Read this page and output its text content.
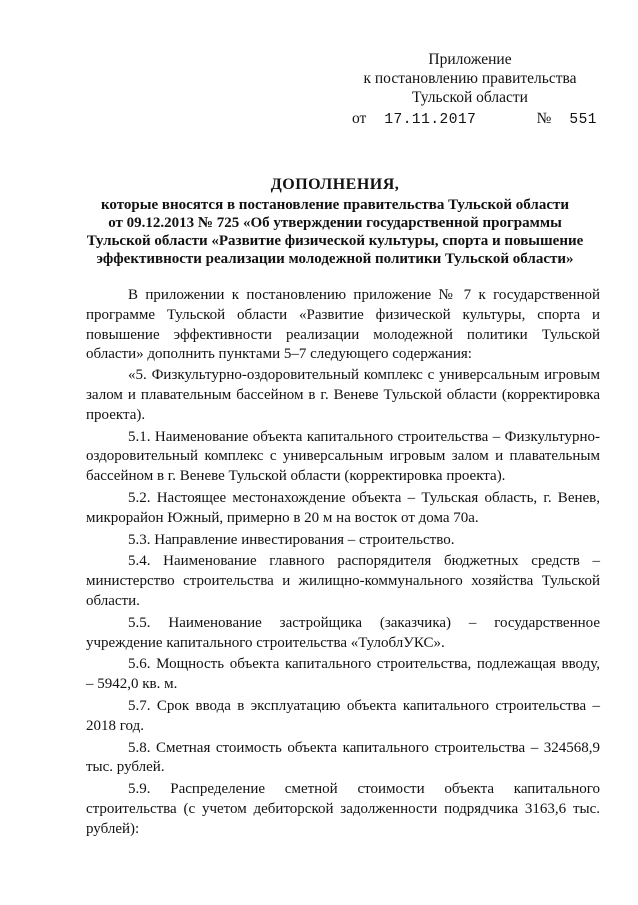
Приложение
к постановлению правительства
Тульской области
от 17.11.2017	№ 551
ДОПОЛНЕНИЯ,
которые вносятся в постановление правительства Тульской области
от 09.12.2013 № 725 «Об утверждении государственной программы
Тульской области «Развитие физической культуры, спорта и повышение
эффективности реализации молодежной политики Тульской области»

В приложении к постановлению приложение № 7 к государственной программе Тульской области «Развитие физической культуры, спорта и повышение эффективности реализации молодежной политики Тульской области» дополнить пунктами 5–7 следующего содержания:

«5. Физкультурно-оздоровительный комплекс с универсальным игровым залом и плавательным бассейном в г. Веневе Тульской области (корректировка проекта).

5.1. Наименование объекта капитального строительства – Физкультурно-оздоровительный комплекс с универсальным игровым залом и плавательным бассейном в г. Веневе Тульской области (корректировка проекта).

5.2. Настоящее местонахождение объекта – Тульская область, г. Венев, микрорайон Южный, примерно в 20 м на восток от дома 70а.

5.3. Направление инвестирования – строительство.

5.4. Наименование главного распорядителя бюджетных средств – министерство строительства и жилищно-коммунального хозяйства Тульской области.

5.5. Наименование застройщика (заказчика) – государственное учреждение капитального строительства «ТулоблУКС».

5.6. Мощность объекта капитального строительства, подлежащая вводу, – 5942,0 кв. м.

5.7. Срок ввода в эксплуатацию объекта капитального строительства – 2018 год.

5.8. Сметная стоимость объекта капитального строительства – 324568,9 тыс. рублей.

5.9. Распределение сметной стоимости объекта капитального строительства (с учетом дебиторской задолженности подрядчика 3163,6 тыс. рублей):
